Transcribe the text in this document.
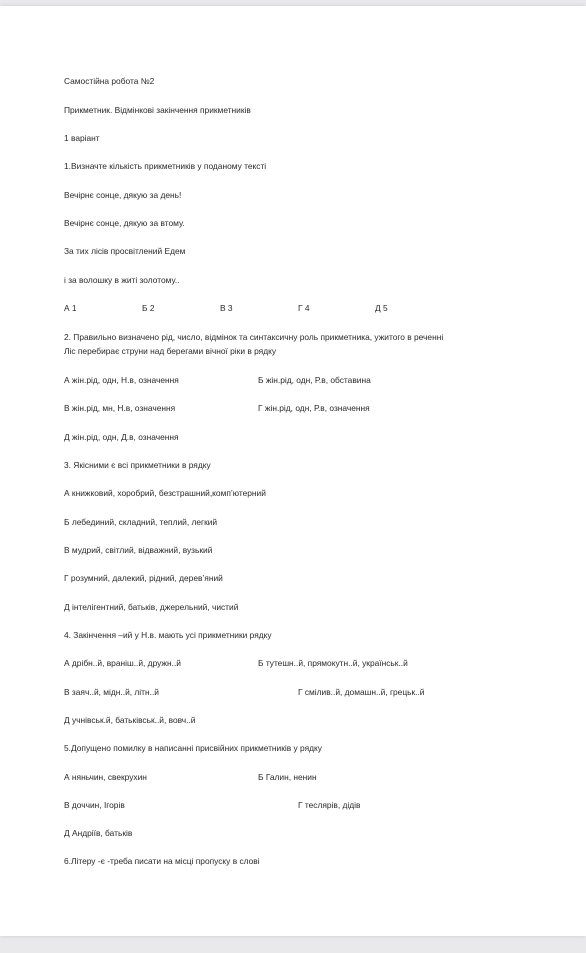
Самостійна робота №2
Прикметник. Відмінкові закінчення прикметників
1 варіант
1.Визначте кількість прикметників у поданому тексті
Вечірнє сонце, дякую за день!
Вечірнє сонце, дякую за втому.
За тих лісів просвітлений Едем
і за волошку в житі золотому..
А 1	Б 2	В 3	Г 4	Д 5
2. Правильно визначено рід, число, відмінок та синтаксичну роль прикметника, ужитого в реченні
Ліс перебирає струни над берегами вічної ріки в рядку
А жін.рід, одн, Н.в, означення	Б жін.рід, одн, Р.в, обставина
В жін.рід, мн, Н.в, означення	Г жін.рід, одн, Р.в, означення
Д жін.рід, одн, Д.в, означення
3. Якісними є всі прикметники в рядку
А книжковий, хоробрий, безстрашний,комп’ютерний
Б лебединий, складний, теплий, легкий
В мудрий, світлий, відважний, вузький
Г розумний, далекий, рідний, дерев’яний
Д інтелігентний, батьків, джерельний, чистий
4. Закінчення –ий у Н.в. мають усі прикметники рядку
А дрібн..й, враніш..й, дружн..й	Б тутешн..й, прямокутн..й, українськ..й
В заяч..й, мідн..й, літн..й	Г смілив..й, домашн..й, грецьк..й
Д учнівськ.й, батьківськ..й, вовч..й
5.Допущено помилку в написанні присвійних прикметників у рядку
А няньчин, свекрухин	Б Галин, ненин
В доччин, Ігорів	Г теслярів, дідів
Д Андріїв, батьків
6.Літеру -є -треба писати на місці пропуску в слові
